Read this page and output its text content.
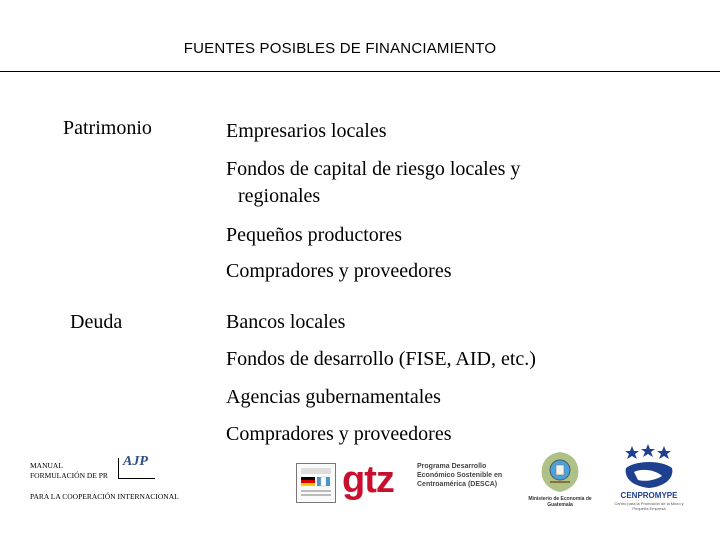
FUENTES POSIBLES DE FINANCIAMIENTO
Patrimonio	Empresarios locales
Fondos de capital de riesgo locales y
regionales
Pequeños productores
Compradores y proveedores
Deuda	Bancos locales
Fondos de desarrollo (FISE, AID, etc.)
Agencias gubernamentales
Compradores y proveedores
MANUAL
FORMULACIÓN DE PR
AJP
PARA LA COOPERACIÓN INTERNACIONAL	gtz	Programa Desarrollo Económico Sostenible en Centroamérica (DESCA)
Ministerio de Economía de Guatemala
CENPROMYPE
Centro para la Promoción de la Micro y Pequeña Empresa
